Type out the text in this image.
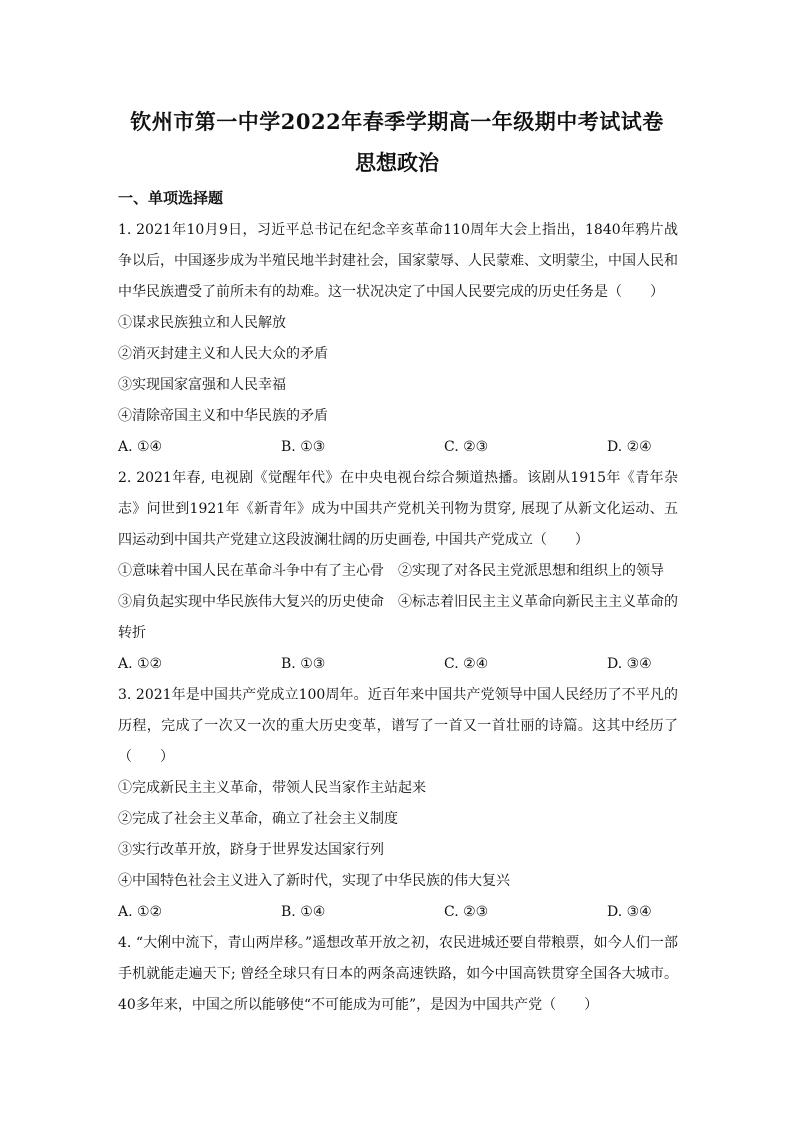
钦州市第一中学2022年春季学期高一年级期中考试试卷
思想政治
一、单项选择题
1. 2021年10月9日，习近平总书记在纪念辛亥革命110周年大会上指出，1840年鸦片战争以后，中国逐步成为半殖民地半封建社会，国家蒙辱、人民蒙难、文明蒙尘，中国人民和中华民族遭受了前所未有的劫难。这一状况决定了中国人民要完成的历史任务是（　　）
①谋求民族独立和人民解放
②消灭封建主义和人民大众的矛盾
③实现国家富强和人民幸福
④清除帝国主义和中华民族的矛盾
A. ①④	B. ①③	C. ②③	D. ②④
2. 2021年春, 电视剧《觉醒年代》在中央电视台综合频道热播。该剧从1915年《青年杂志》问世到1921年《新青年》成为中国共产党机关刊物为贯穿, 展现了从新文化运动、五四运动到中国共产党建立这段波澜壮阔的历史画卷, 中国共产党成立（　　）
①意味着中国人民在革命斗争中有了主心骨　②实现了对各民主党派思想和组织上的领导
③肩负起实现中华民族伟大复兴的历史使命　④标志着旧民主主义革命向新民主主义革命的转折
A. ①②	B. ①③	C. ②④	D. ③④
3. 2021年是中国共产党成立100周年。近百年来中国共产党领导中国人民经历了不平凡的历程，完成了一次又一次的重大历史变革，谱写了一首又一首壮丽的诗篇。这其中经历了（　　）
①完成新民主主义革命，带领人民当家作主站起来
②完成了社会主义革命，确立了社会主义制度
③实行改革开放，跻身于世界发达国家行列
④中国特色社会主义进入了新时代，实现了中华民族的伟大复兴
A. ①②	B. ①④	C. ②③	D. ③④
4. “大俐中流下，青山两岸移。”遥想改革开放之初，农民进城还要自带粮票，如今人们一部手机就能走遍天下; 曾经全球只有日本的两条高速铁路，如今中国高铁贯穿全国各大城市。40多年来，中国之所以能够使“不可能成为可能”，是因为中国共产党（　　）
